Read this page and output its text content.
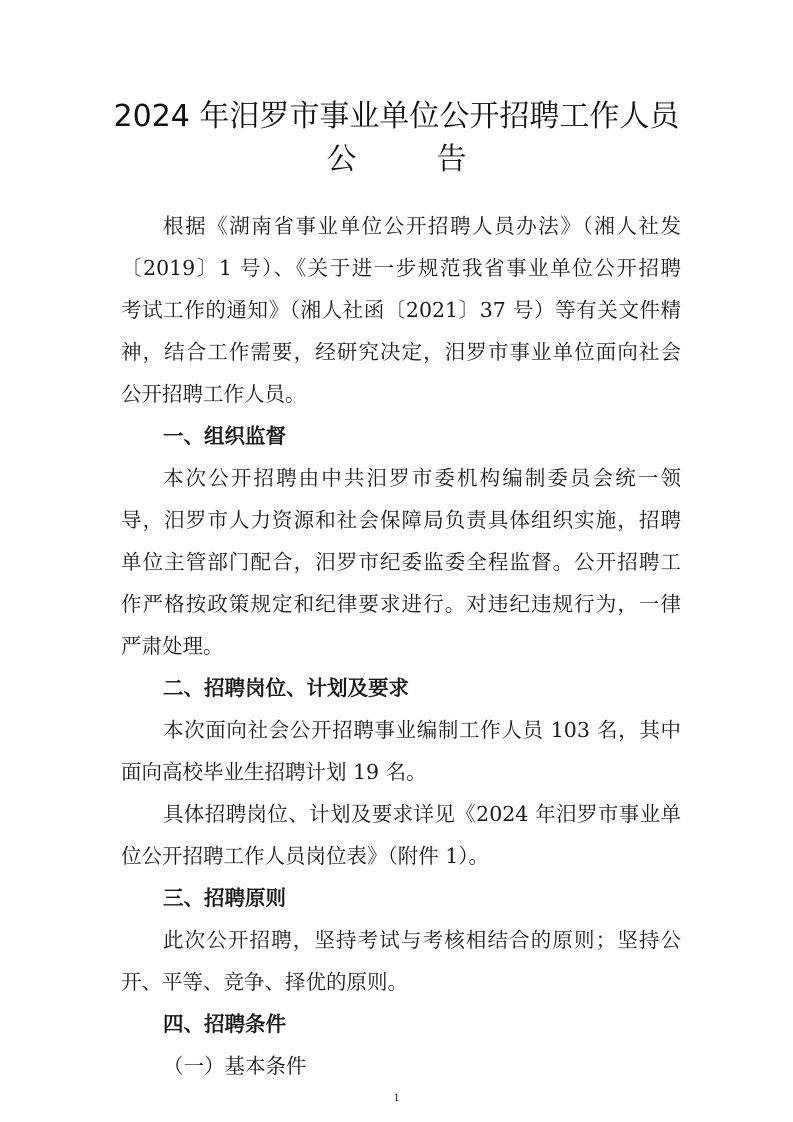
2024 年汨罗市事业单位公开招聘工作人员
公	告
根据《湖南省事业单位公开招聘人员办法》（湘人社发
〔2019〕1 号）、《关于进一步规范我省事业单位公开招聘
考试工作的通知》（湘人社函〔2021〕37 号）等有关文件精
神，结合工作需要，经研究决定，汨罗市事业单位面向社会
公开招聘工作人员。
一、组织监督
本次公开招聘由中共汨罗市委机构编制委员会统一领
导，汨罗市人力资源和社会保障局负责具体组织实施，招聘
单位主管部门配合，汨罗市纪委监委全程监督。公开招聘工
作严格按政策规定和纪律要求进行。对违纪违规行为，一律
严肃处理。
二、招聘岗位、计划及要求
本次面向社会公开招聘事业编制工作人员 103 名，其中
面向高校毕业生招聘计划 19 名。
具体招聘岗位、计划及要求详见《2024 年汨罗市事业单
位公开招聘工作人员岗位表》（附件 1）。
三、招聘原则
此次公开招聘，坚持考试与考核相结合的原则；坚持公
开、平等、竞争、择优的原则。
四、招聘条件
（一）基本条件
1
